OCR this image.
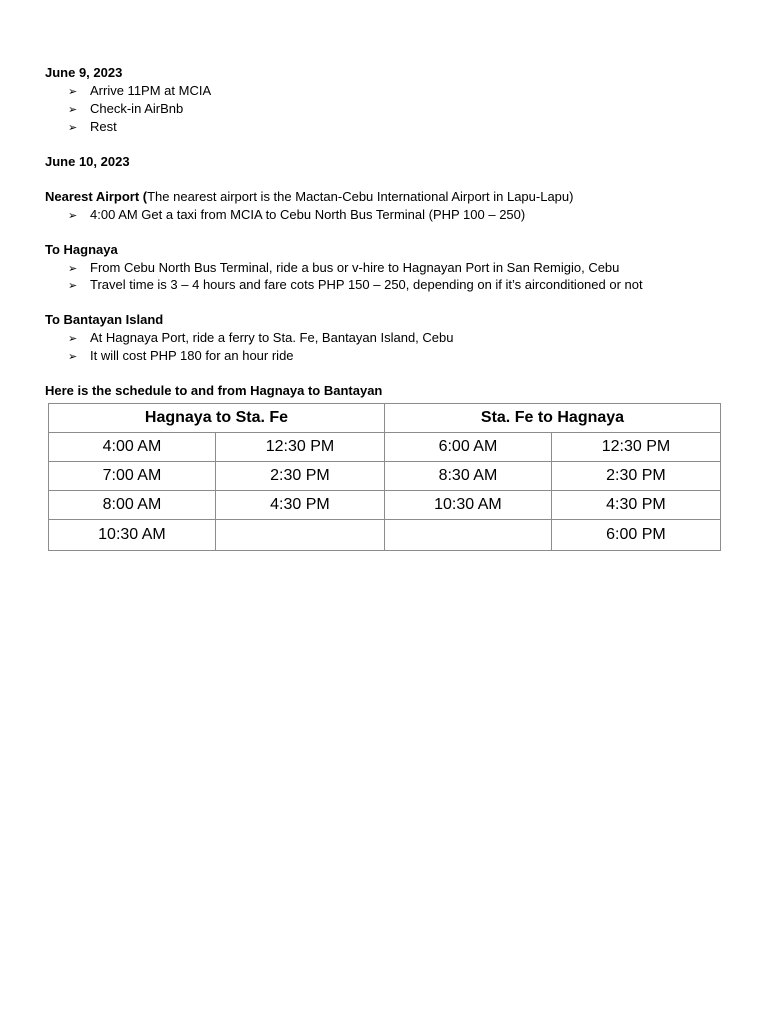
June 9, 2023
➢ Arrive 11PM at MCIA
➢ Check-in AirBnb
➢ Rest
June 10, 2023
Nearest Airport (The nearest airport is the Mactan-Cebu International Airport in Lapu-Lapu)
➢ 4:00 AM Get a taxi from MCIA to Cebu North Bus Terminal (PHP 100 – 250)
To Hagnaya
➢ From Cebu North Bus Terminal, ride a bus or v-hire to Hagnayan Port in San Remigio, Cebu
➢ Travel time is 3 – 4 hours and fare cots PHP 150 – 250, depending on if it’s airconditioned or not
To Bantayan Island
➢ At Hagnaya Port, ride a ferry to Sta. Fe, Bantayan Island, Cebu
➢ It will cost PHP 180 for an hour ride
Here is the schedule to and from Hagnaya to Bantayan
Hagnaya to Sta. Fe		Sta. Fe to Hagnaya	
4:00 AM	12:30 PM	6:00 AM	12:30 PM
7:00 AM	2:30 PM	8:30 AM	2:30 PM
8:00 AM	4:30 PM	10:30 AM	4:30 PM
10:30 AM			6:00 PM
